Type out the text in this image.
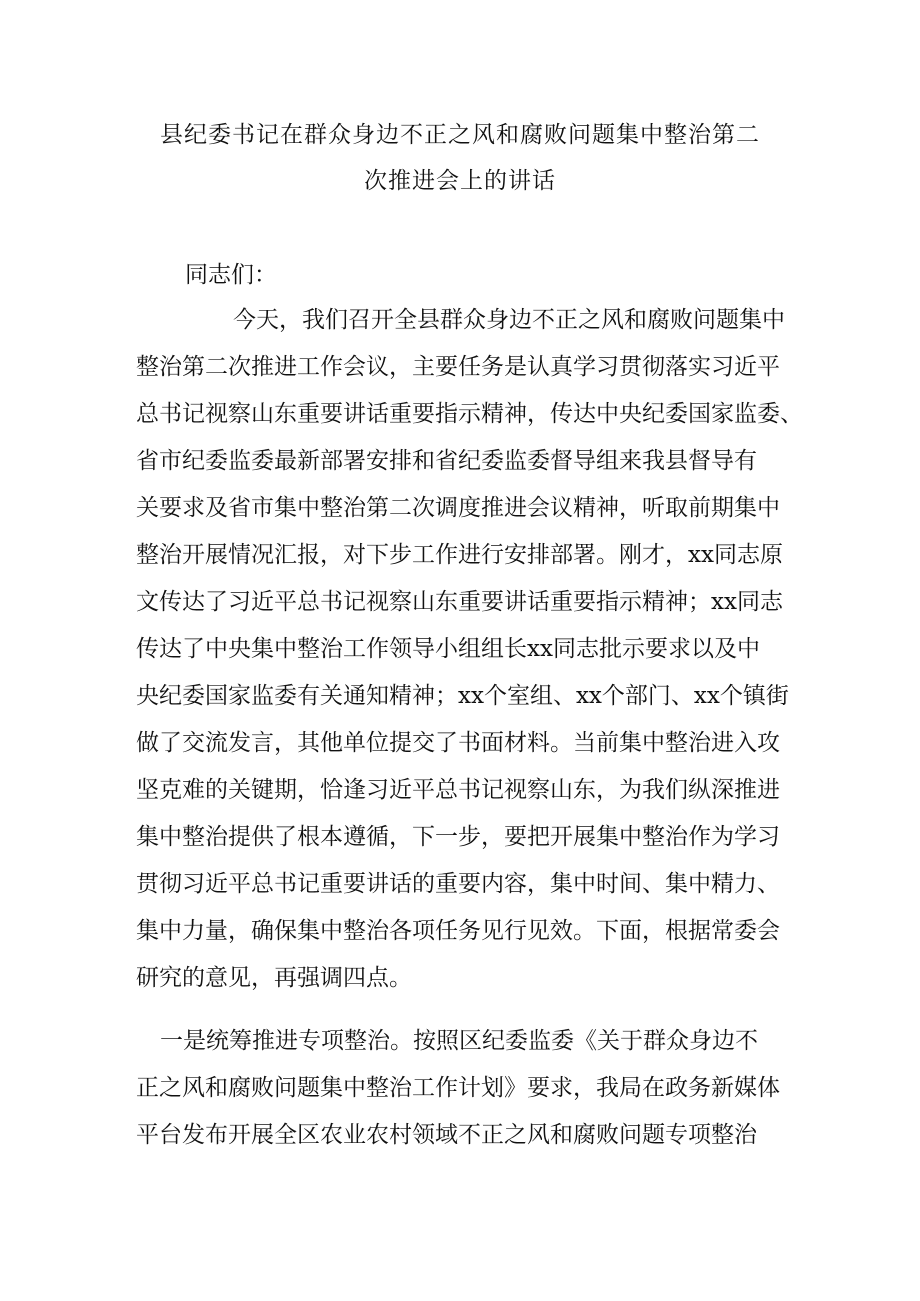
县纪委书记在群众身边不正之风和腐败问题集中整治第二
次推进会上的讲话
同志们：
今天，我们召开全县群众身边不正之风和腐败问题集中
整治第二次推进工作会议，主要任务是认真学习贯彻落实习近平
总书记视察山东重要讲话重要指示精神，传达中央纪委国家监委、
省市纪委监委最新部署安排和省纪委监委督导组来我县督导有
关要求及省市集中整治第二次调度推进会议精神，听取前期集中
整治开展情况汇报，对下步工作进行安排部署。刚才，xx同志原
文传达了习近平总书记视察山东重要讲话重要指示精神；xx同志
传达了中央集中整治工作领导小组组长xx同志批示要求以及中
央纪委国家监委有关通知精神；xx个室组、xx个部门、xx个镇街
做了交流发言，其他单位提交了书面材料。当前集中整治进入攻
坚克难的关键期，恰逢习近平总书记视察山东，为我们纵深推进
集中整治提供了根本遵循，下一步，要把开展集中整治作为学习
贯彻习近平总书记重要讲话的重要内容，集中时间、集中精力、
集中力量，确保集中整治各项任务见行见效。下面，根据常委会
研究的意见，再强调四点。
一是统筹推进专项整治。按照区纪委监委《关于群众身边不
正之风和腐败问题集中整治工作计划》要求，我局在政务新媒体
平台发布开展全区农业农村领域不正之风和腐败问题专项整治
